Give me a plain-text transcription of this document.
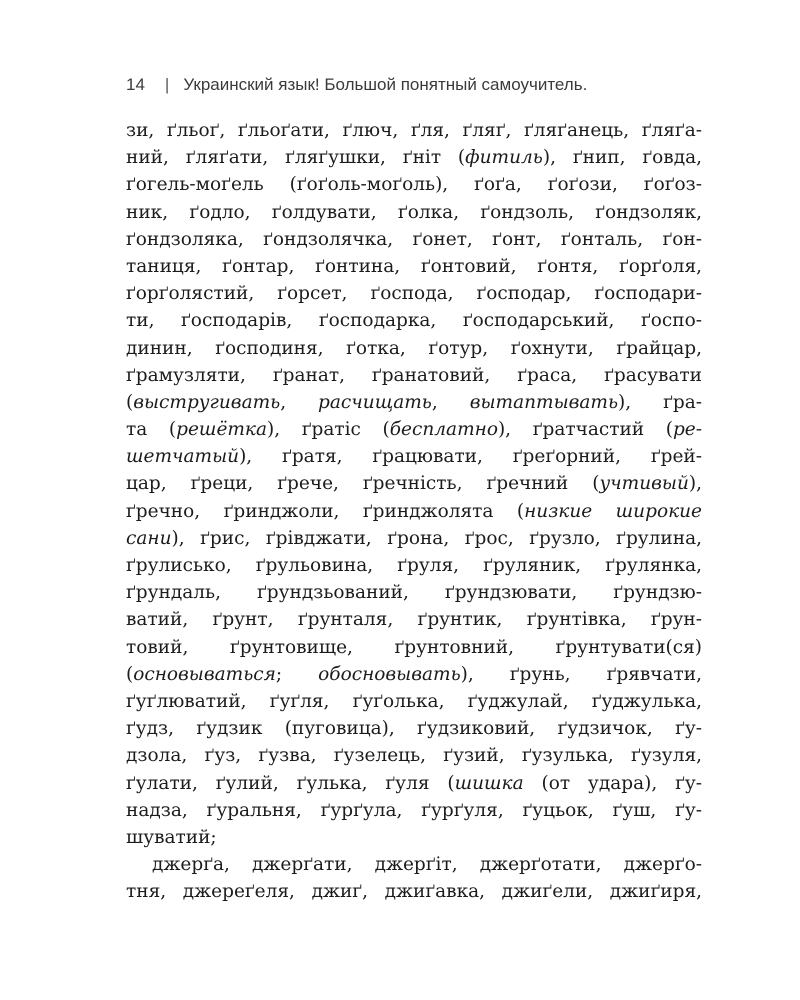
14 | Украинский язык! Большой понятный самоучитель.
зи, ґльоґ, ґльоґати, ґлюч, ґля, ґляґ, ґляґанець, ґляґа-
ний, ґляґати, ґляґушки, ґніт (фитиль), ґнип, ґовда,
ґогель-моґель (ґоґоль-моґоль), ґоґа, ґоґози, ґоґоз-
ник, ґодло, ґолдувати, ґолка, ґондзоль, ґондзоляк,
ґондзоляка, ґондзолячка, ґонет, ґонт, ґонталь, ґон-
таниця, ґонтар, ґонтина, ґонтовий, ґонтя, ґорґоля,
ґорґолястий, ґорсет, ґоспода, ґосподар, ґосподари-
ти, ґосподарів, ґосподарка, ґосподарський, ґоспо-
динин, ґосподиня, ґотка, ґотур, ґохнути, ґрайцар,
ґрамузляти, ґранат, ґранатовий, ґраса, ґрасувати
(выстругивать, расчищать, вытаптывать), ґра-
та (решётка), ґратіс (бесплатно), ґратчастий (ре-
шетчатый), ґратя, ґрацювати, ґреґорний, ґрей-
цар, ґреци, ґрече, ґречність, ґречний (учтивый),
ґречно, ґринджоли, ґринджолята (низкие широкие
сани), ґрис, ґрівджати, ґрона, ґрос, ґрузло, ґрулина,
ґрулисько, ґрульовина, ґруля, ґруляник, ґрулянка,
ґрундаль, ґрундзьований, ґрундзювати, ґрундзю-
ватий, ґрунт, ґрунталя, ґрунтик, ґрунтівка, ґрун-
товий, ґрунтовище, ґрунтовний, ґрунтувати(ся)
(основываться; обосновывать), ґрунь, ґрявчати,
ґуґлюватий, ґуґля, ґуґолька, ґуджулай, ґуджулька,
ґудз, ґудзик (пуговица), ґудзиковий, ґудзичок, ґу-
дзола, ґуз, ґузва, ґузелець, ґузий, ґузулька, ґузуля,
ґулати, ґулий, ґулька, ґуля (шишка (от удара), ґу-
надза, ґуральня, ґурґула, ґурґуля, ґуцьок, ґуш, ґу-
шуватий;
джерґа, джерґати, джерґіт, джерґотати, джерґо-
тня, джереґеля, джиґ, джиґавка, джиґели, джиґиря,
